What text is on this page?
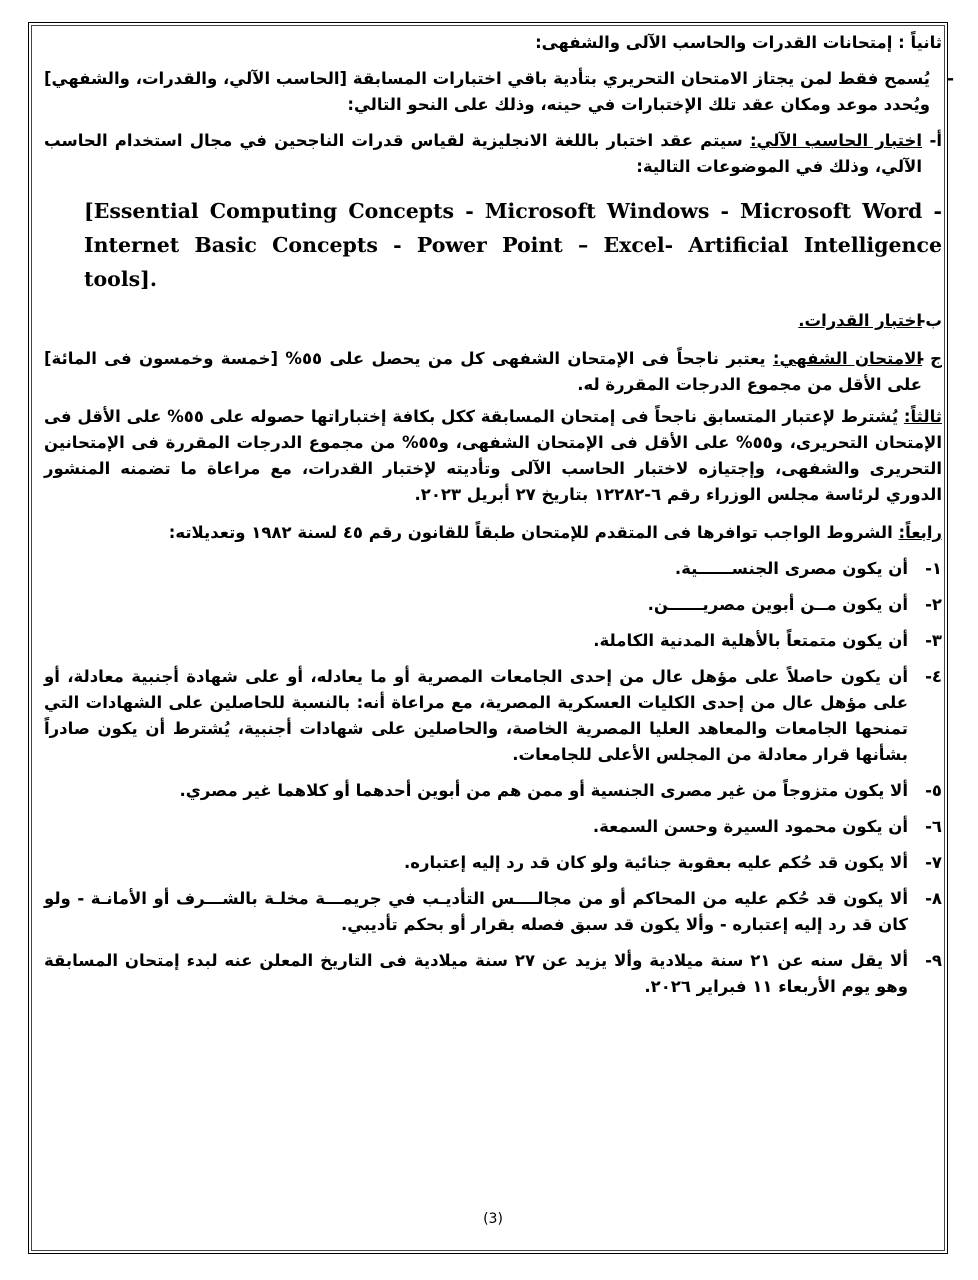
ثانياً : إمتحانات القدرات والحاسب الآلى والشفهى:

-
يُسمح فقط لمن يجتاز الامتحان التحريري بتأدية باقي اختبارات المسابقة [الحاسب الآلي، والقدرات، والشفهي] ويُحدد موعد ومكان عقد تلك الإختبارات في حينه، وذلك على النحو التالي:

أ-
اختبار الحاسب الآلي: سيتم عقد اختبار باللغة الانجليزية لقياس قدرات الناجحين في مجال استخدام الحاسب الآلي، وذلك في الموضوعات التالية:

[Essential Computing Concepts - Microsoft Windows - Microsoft Word - Internet Basic Concepts - Power Point – Excel- Artificial Intelligence tools].

ب-
اختبار القدرات.

ج -
الامتحان الشفهي: يعتبر ناجحاً فى الإمتحان الشفهى كل من يحصل على ٥٥% [خمسة وخمسون فى المائة] على الأقل من مجموع الدرجات المقررة له.

ثالثاً: يُشترط لإعتبار المتسابق ناجحاً فى إمتحان المسابقة ككل بكافة إختباراتها حصوله على ٥٥% على الأقل فى الإمتحان التحريرى، و٥٥% على الأقل فى الإمتحان الشفهى، و٥٥% من مجموع الدرجات المقررة فى الإمتحانين التحريرى والشفهى، وإجتيازه لاختبار الحاسب الآلى وتأديته لإختبار القدرات، مع مراعاة ما تضمنه المنشور الدوري لرئاسة مجلس الوزراء رقم ٦-١٢٢٨٢ بتاريخ ٢٧ أبريل ٢٠٢٣.

رابعاً: الشروط الواجب توافرها فى المتقدم للإمتحان طبقاً للقانون رقم ٤٥ لسنة ١٩٨٢ وتعديلاته:

١-
أن يكون مصرى الجنســــــية.
٢-
أن يكون مــن أبوين مصريــــــن.
٣-
أن يكون متمتعاً بالأهلية المدنية الكاملة.
٤-
أن يكون حاصلاً على مؤهل عال من إحدى الجامعات المصرية أو ما يعادله، أو على شهادة أجنبية معادلة، أو على مؤهل عال من إحدى الكليات العسكرية المصرية، مع مراعاة أنه: بالنسبة للحاصلين على الشهادات التي تمنحها الجامعات والمعاهد العليا المصرية الخاصة، والحاصلين على شهادات أجنبية، يُشترط أن يكون صادراً بشأنها قرار معادلة من المجلس الأعلى للجامعات.
٥-
ألا يكون متزوجاً من غير مصرى الجنسية أو ممن هم من أبوين أحدهما أو كلاهما غير مصري.
٦-
أن يكون محمود السيرة وحسن السمعة.
٧-
ألا يكون قد حُكم عليه بعقوبة جنائية ولو كان قد رد إليه إعتباره.
٨-
ألا يكون قد حُكم عليه من المحاكم أو من مجالــــس التأديـب في جريمـــة مخلـة بالشـــرف أو الأمانـة - ولو كان قد رد إليه إعتباره - وألا يكون قد سبق فصله بقرار أو بحكم تأديبي.
٩-
ألا يقل سنه عن ٢١ سنة ميلادية وألا يزيد عن ٢٧ سنة ميلادية فى التاريخ المعلن عنه لبدء إمتحان المسابقة وهو يوم الأربعاء ١١ فبراير ٢٠٢٦.
(3)
